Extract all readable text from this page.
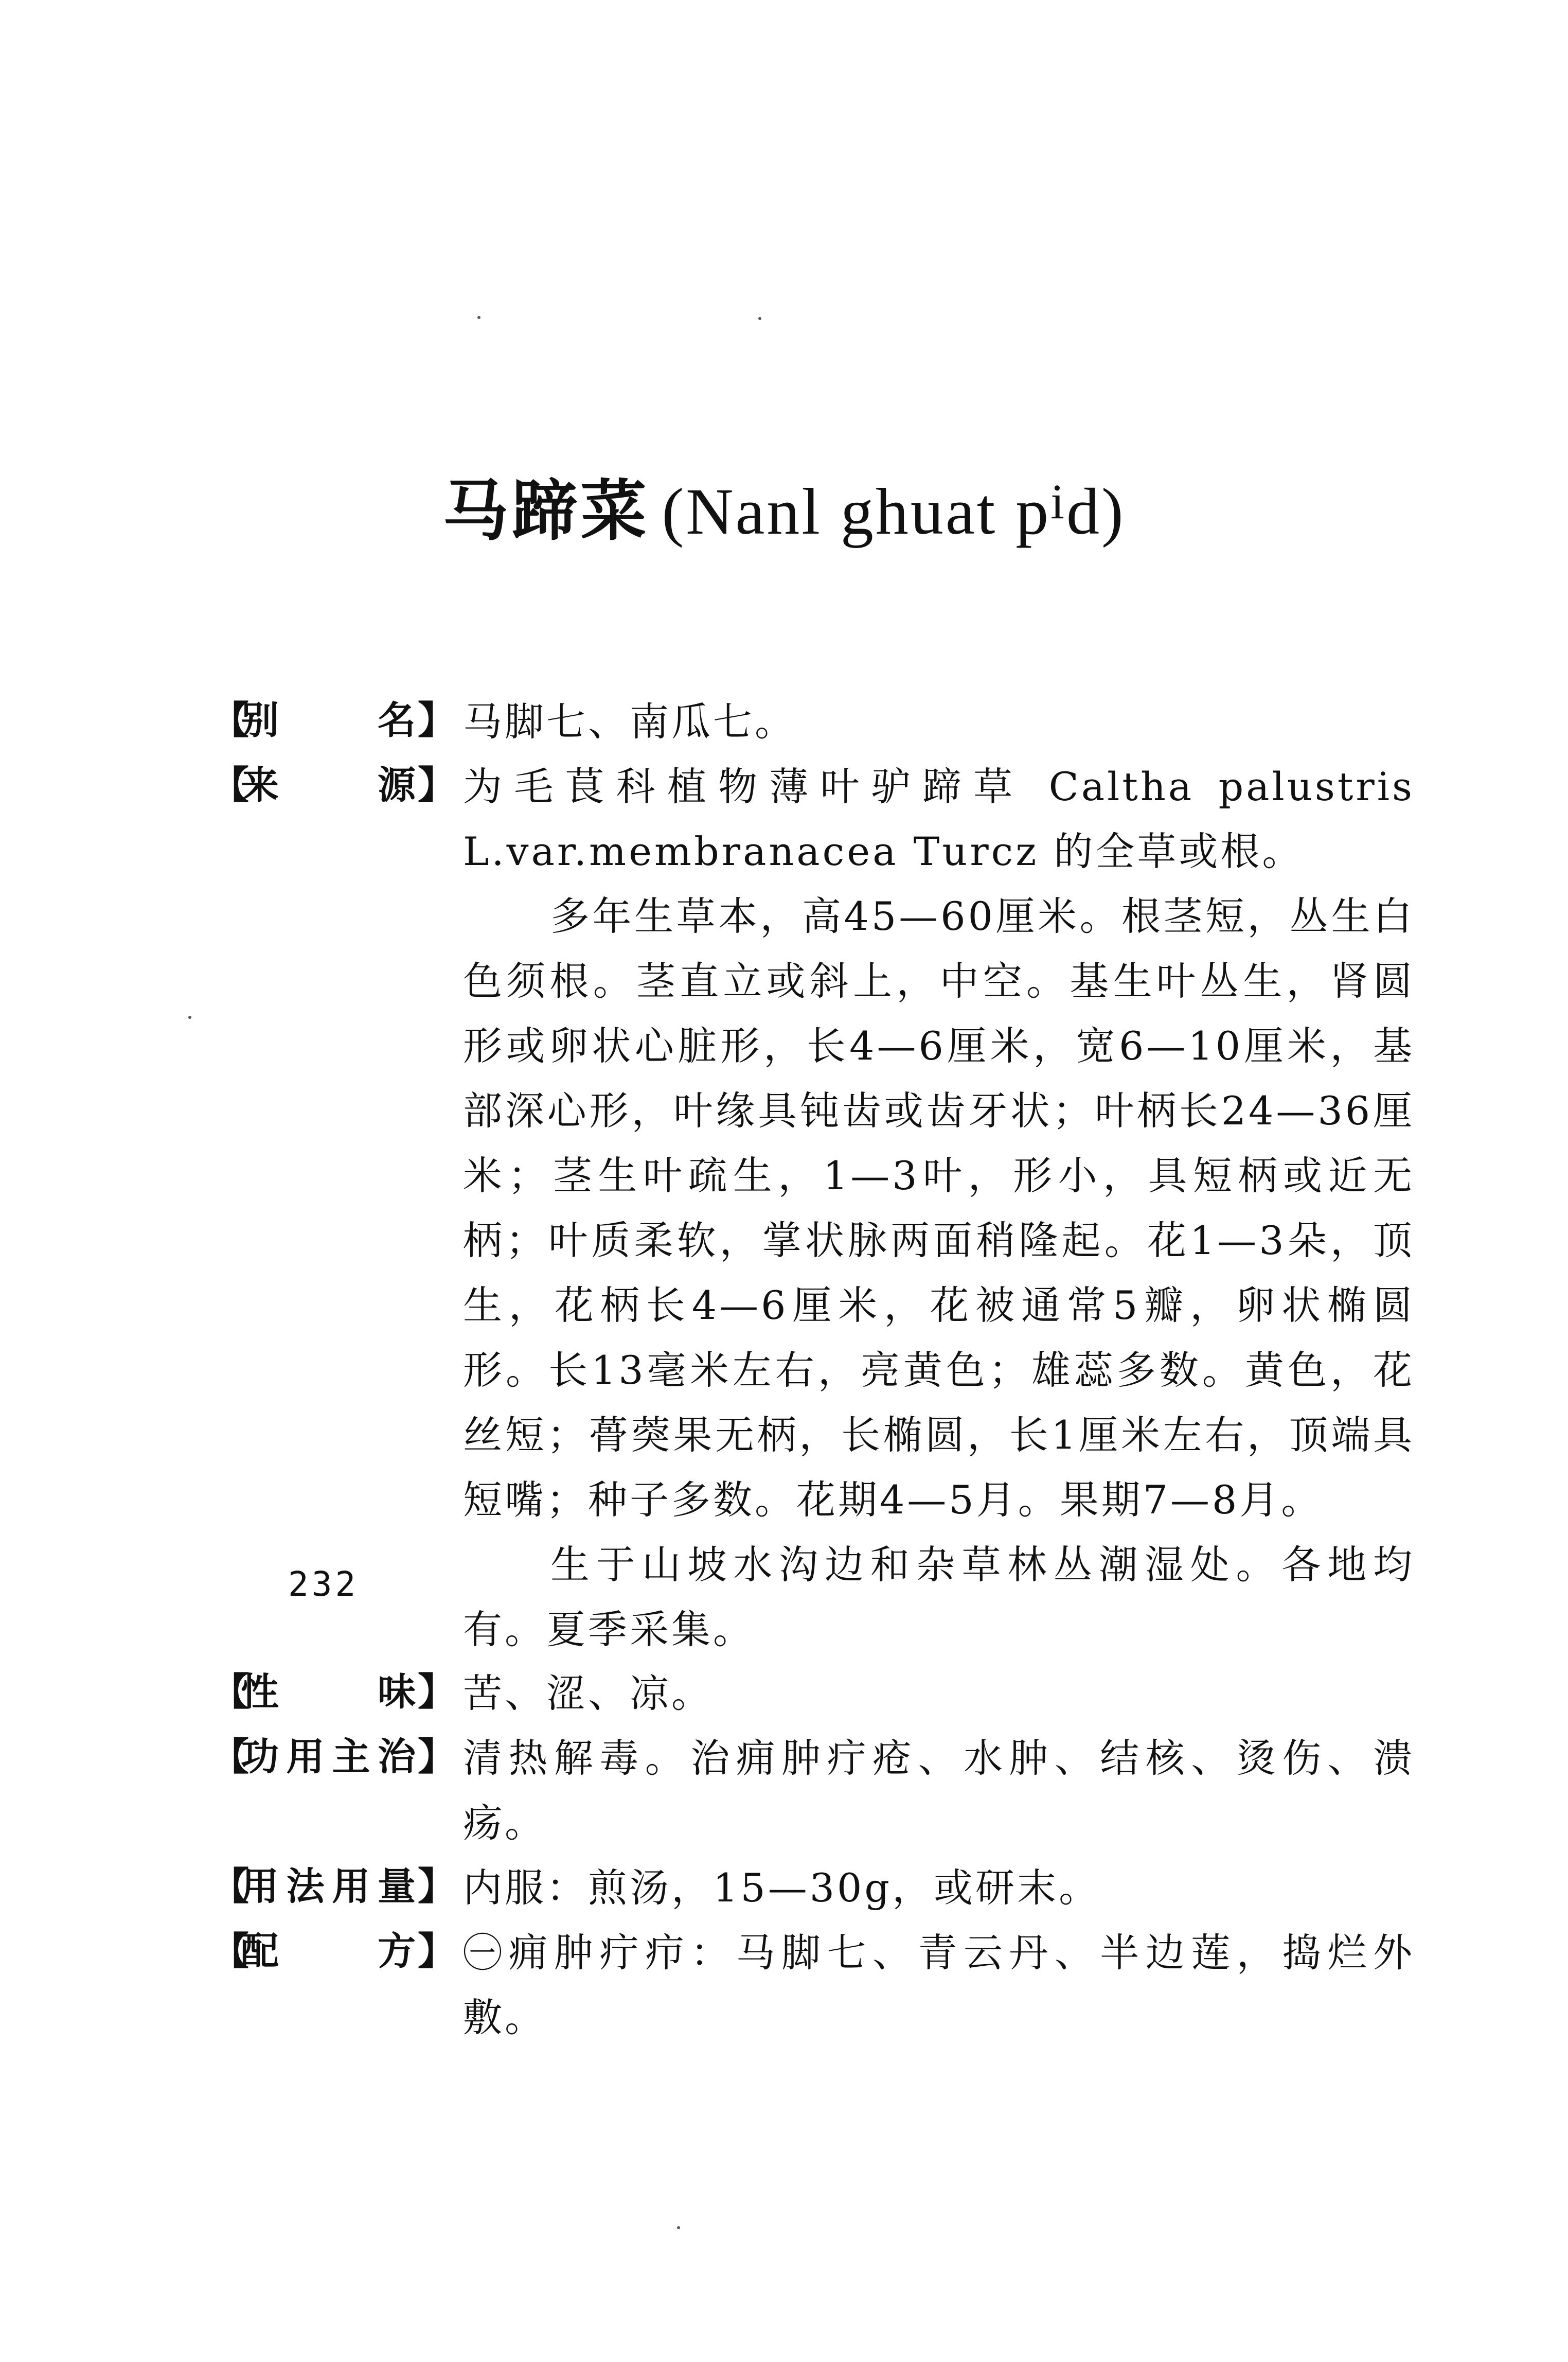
马蹄菜 (Nanl ghuat $p^id$)
【
别	名 】 马脚七、南瓜七。

【
来	源 】 为毛茛科植物薄叶驴蹄草 Caltha palustris L.var.membranacea Turcz 的全草或根。

多年生草本，高45—60厘米。根茎短，丛生白色须根。茎直立或斜上，中空。基生叶丛生，肾圆形或卵状心脏形，长4—6厘米，宽6—10厘米，基部深心形，叶缘具钝齿或齿牙状；叶柄长24—36厘米；茎生叶疏生，1—3叶，形小，具短柄或近无柄；叶质柔软，掌状脉两面稍隆起。花1—3朵，顶生，花柄长4—6厘米，花被通常5瓣，卵状椭圆形。长13毫米左右，亮黄色；雄蕊多数。黄色，花丝短；蓇葖果无柄，长椭圆，长1厘米左右，顶端具短嘴；种子多数。花期4—5月。果期7—8月。

生于山坡水沟边和杂草林丛潮湿处。各地均有。夏季采集。

【
性	味 】 苦、涩、凉。

【
功 用 主 治 】 清热解毒。治痈肿疔疮、水肿、结核、烫伤、溃疡。

【
用 法 用 量 】 内服：煎汤，15—30g，或研末。

【
配	方 】 ㊀痈肿疔疖：马脚七、青云丹、半边莲，捣烂外敷。

232
